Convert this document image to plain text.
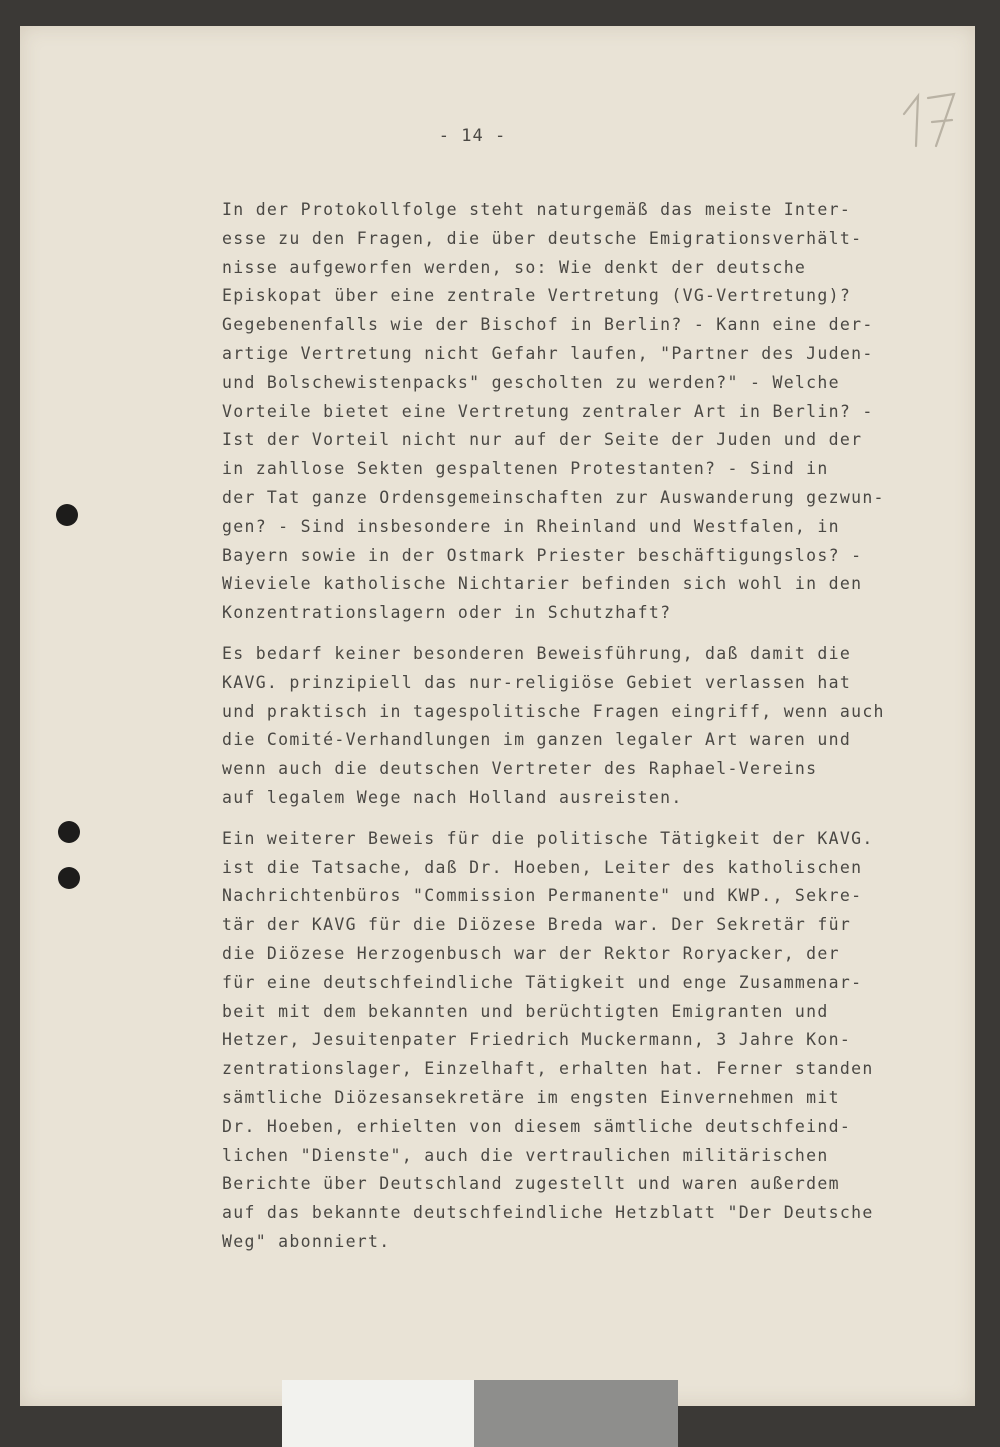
- 14 -
In der Protokollfolge steht naturgemäß das meiste Inter-
esse zu den Fragen, die über deutsche Emigrationsverhält-
nisse aufgeworfen werden, so: Wie denkt der deutsche
Episkopat über eine zentrale Vertretung (VG-Vertretung)?
Gegebenenfalls wie der Bischof in Berlin? - Kann eine der-
artige Vertretung nicht Gefahr laufen, "Partner des Juden-
und Bolschewistenpacks" gescholten zu werden?" - Welche
Vorteile bietet eine Vertretung zentraler Art in Berlin? -
Ist der Vorteil nicht nur auf der Seite der Juden und der
in zahllose Sekten gespaltenen Protestanten? - Sind in
der Tat ganze Ordensgemeinschaften zur Auswanderung gezwun-
gen? - Sind insbesondere in Rheinland und Westfalen, in
Bayern sowie in der Ostmark Priester beschäftigungslos? -
Wieviele katholische Nichtarier befinden sich wohl in den
Konzentrationslagern oder in Schutzhaft?
Es bedarf keiner besonderen Beweisführung, daß damit die
KAVG. prinzipiell das nur-religiöse Gebiet verlassen hat
und praktisch in tagespolitische Fragen eingriff, wenn auch
die Comité-Verhandlungen im ganzen legaler Art waren und
wenn auch die deutschen Vertreter des Raphael-Vereins
auf legalem Wege nach Holland ausreisten.
Ein weiterer Beweis für die politische Tätigkeit der KAVG.
ist die Tatsache, daß Dr. Hoeben, Leiter des katholischen
Nachrichtenbüros "Commission Permanente" und KWP., Sekre-
tär der KAVG für die Diözese Breda war. Der Sekretär für
die Diözese Herzogenbusch war der Rektor Roryacker, der
für eine deutschfeindliche Tätigkeit und enge Zusammenar-
beit mit dem bekannten und berüchtigten Emigranten und
Hetzer, Jesuitenpater Friedrich Muckermann, 3 Jahre Kon-
zentrationslager, Einzelhaft, erhalten hat. Ferner standen
sämtliche Diözesansekretäre im engsten Einvernehmen mit
Dr. Hoeben, erhielten von diesem sämtliche deutschfeind-
lichen "Dienste", auch die vertraulichen militärischen
Berichte über Deutschland zugestellt und waren außerdem
auf das bekannte deutschfeindliche Hetzblatt "Der Deutsche
Weg" abonniert.
